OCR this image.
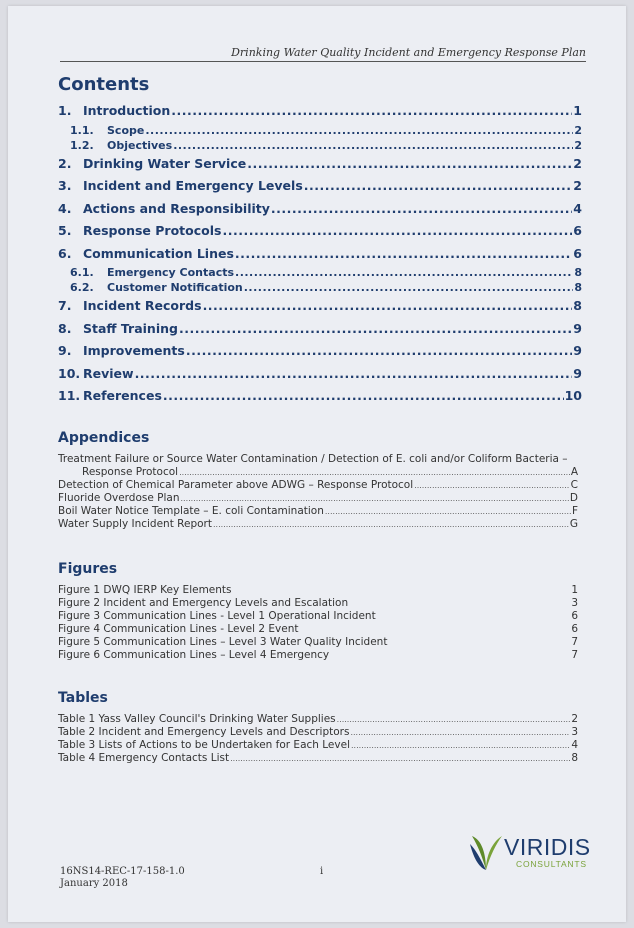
Drinking Water Quality Incident and Emergency Response Plan
Contents
1. Introduction .....	1
1.1.	Scope .....	2
1.2.	Objectives .....	2
2. Drinking Water Service .....	2
3. Incident and Emergency Levels .....	2
4. Actions and Responsibility .....	4
5. Response Protocols .....	6
6. Communication Lines .....	6
6.1.	Emergency Contacts .....	8
6.2.	Customer Notification .....	8
7. Incident Records .....	8
8. Staff Training .....	9
9. Improvements .....	9
10. Review .....	9
11. References .....	10
Appendices
Treatment Failure or Source Water Contamination / Detection of E. coli and/or Coliform Bacteria –
Response Protocol .....	A
Detection of Chemical Parameter above ADWG – Response Protocol .....	C
Fluoride Overdose Plan .....	D
Boil Water Notice Template – E. coli Contamination .....	F
Water Supply Incident Report .....	G
Figures
Figure 1 DWQ IERP Key Elements	1
Figure 2 Incident and Emergency Levels and Escalation	3
Figure 3 Communication Lines - Level 1 Operational Incident	6
Figure 4 Communication Lines - Level 2 Event	6
Figure 5 Communication Lines – Level 3 Water Quality Incident	7
Figure 6 Communication Lines – Level 4 Emergency	7
Tables
Table 1 Yass Valley Council's Drinking Water Supplies .....	2
Table 2 Incident and Emergency Levels and Descriptors .....	3
Table 3 Lists of Actions to be Undertaken for Each Level .....	4
Table 4 Emergency Contacts List .....	8
VIRIDIS
CONSULTANTS
16NS14-REC-17-158-1.0
January 2018
i
